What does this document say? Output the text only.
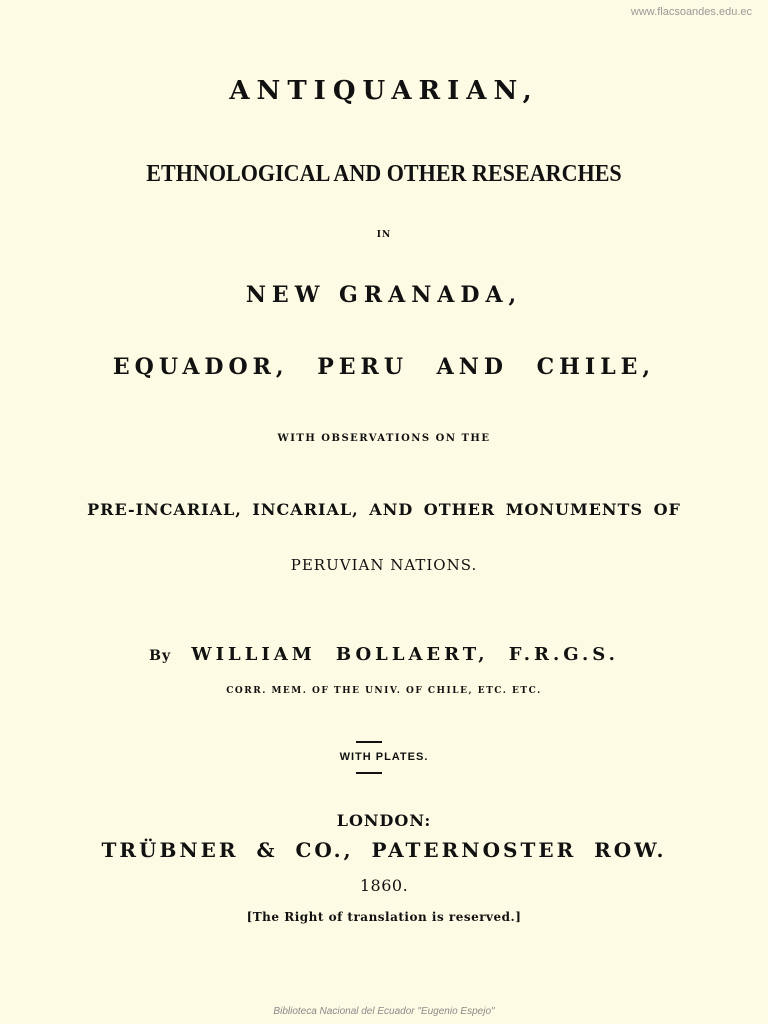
www.flacsoandes.edu.ec
ANTIQUARIAN,
ETHNOLOGICAL AND OTHER RESEARCHES
IN
NEW GRANADA,
EQUADOR, PERU AND CHILE,
WITH OBSERVATIONS ON THE
PRE-INCARIAL, INCARIAL, AND OTHER MONUMENTS OF
PERUVIAN NATIONS.
By WILLIAM BOLLAERT, F.R.G.S.
CORR. MEM. OF THE UNIV. OF CHILE, ETC. ETC.
WITH PLATES.
LONDON:
TRÜBNER & CO., PATERNOSTER ROW.
1860.
[The Right of translation is reserved.]
Biblioteca Nacional del Ecuador "Eugenio Espejo"
